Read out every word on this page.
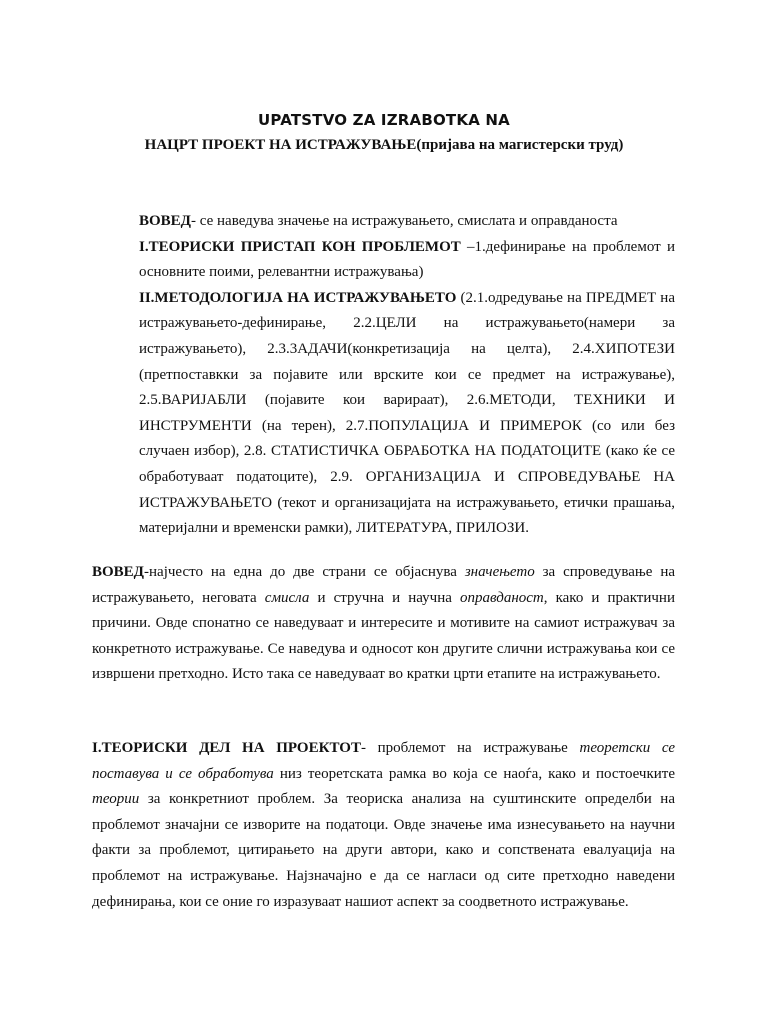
UPATSTVO ZA IZRABOTKA NA
НАЦРТ ПРОЕКТ НА ИСТРАЖУВАЊЕ(пријава на магистерски труд)

ВОВЕД- се наведува значење на истражувањето, смислата и оправданоста

I.ТЕОРИСКИ ПРИСТАП КОН ПРОБЛЕМОТ –1.дефинирање на проблемот и основните поими, релевантни истражувања)

II.МЕТОДОЛОГИЈА НА ИСТРАЖУВАЊЕТО (2.1.одредување на ПРЕДМЕТ на истражувањето-дефинирање, 2.2.ЦЕЛИ на истражувањето(намери за истражувањето), 2.3.3АДАЧИ(конкретизација на целта), 2.4.ХИПОТЕЗИ (претпоставкки за појавите или врските кои се предмет на истражување), 2.5.ВАРИЈАБЛИ (појавите кои варираат), 2.6.МЕТОДИ, ТЕХНИКИ И ИНСТРУМЕНТИ (на терен), 2.7.ПОПУЛАЦИЈА И ПРИМЕРОК (со или без случаен избор), 2.8. СТАТИСТИЧКА ОБРАБОТКА НА ПОДАТОЦИТЕ (како ќе се обработуваат податоците), 2.9. ОРГАНИЗАЦИЈА И СПРОВЕДУВАЊЕ НА ИСТРАЖУВАЊЕТО (текот и организацијата на истражувањето, етички прашања, материјални и временски рамки), ЛИТЕРАТУРА, ПРИЛОЗИ.

ВОВЕД-најчесто на една до две страни се објаснува значењето за спроведување на истражувањето, неговата смисла и стручна и научна оправданост, како и практични причини. Овде спонатно се наведуваат и интересите и мотивите на самиот истражувач за конкретното истражување. Се наведува и односот кон другите слични истражувања кои се извршени претходно. Исто така се наведуваат во кратки црти етапите на истражувањето.

I.ТЕОРИСКИ ДЕЛ НА ПРОЕКТОТ- проблемот на истражување теоретски се поставува и се обработува низ теоретската рамка во која се наоѓа, како и постоечките теории за конкретниот проблем. За теориска анализа на суштинските определби на проблемот значајни се изворите на податоци. Овде значење има изнесувањето на научни факти за проблемот, цитирањето на други автори, како и сопствената евалуација на проблемот на истражување. Најзначајно е да се нагласи од сите претходно наведени дефинирања, кои се оние го изразуваат нашиот аспект за соодветното истражување.
